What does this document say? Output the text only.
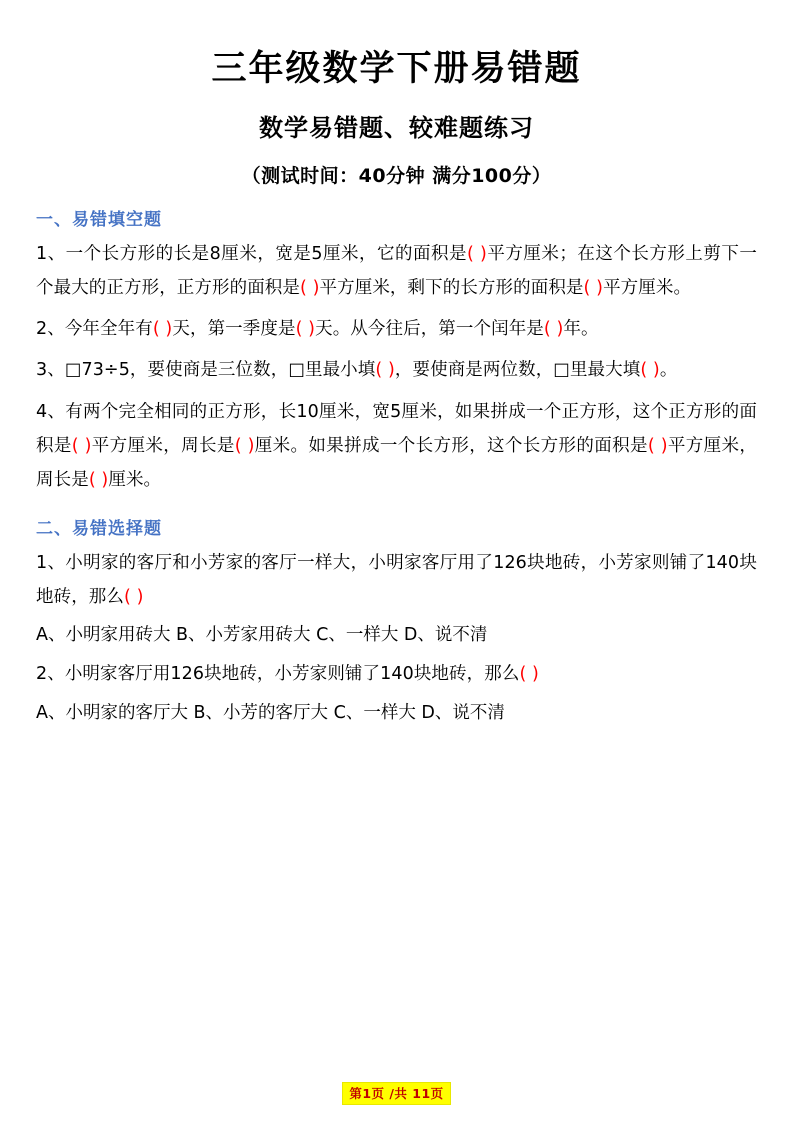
三年级数学下册易错题
数学易错题、较难题练习
（测试时间：40分钟 满分100分）
一、易错填空题
1、一个长方形的长是8厘米，宽是5厘米，它的面积是( )平方厘米；在这个长方形上剪下一个最大的正方形，正方形的面积是( )平方厘米，剩下的长方形的面积是( )平方厘米。
2、今年全年有( )天，第一季度是( )天。从今往后，第一个闰年是( )年。
3、□73÷5，要使商是三位数，□里最小填( )，要使商是两位数，□里最大填( )。
4、有两个完全相同的正方形，长10厘米，宽5厘米，如果拼成一个正方形，这个正方形的面积是( )平方厘米，周长是( )厘米。如果拼成一个长方形，这个长方形的面积是( )平方厘米，周长是( )厘米。
二、易错选择题
1、小明家的客厅和小芳家的客厅一样大，小明家客厅用了126块地砖，小芳家则铺了140块地砖，那么( )
A、小明家用砖大 B、小芳家用砖大 C、一样大 D、说不清
2、小明家客厅用126块地砖，小芳家则铺了140块地砖，那么( )
A、小明家的客厅大 B、小芳的客厅大 C、一样大 D、说不清
第1页 /共 11页
